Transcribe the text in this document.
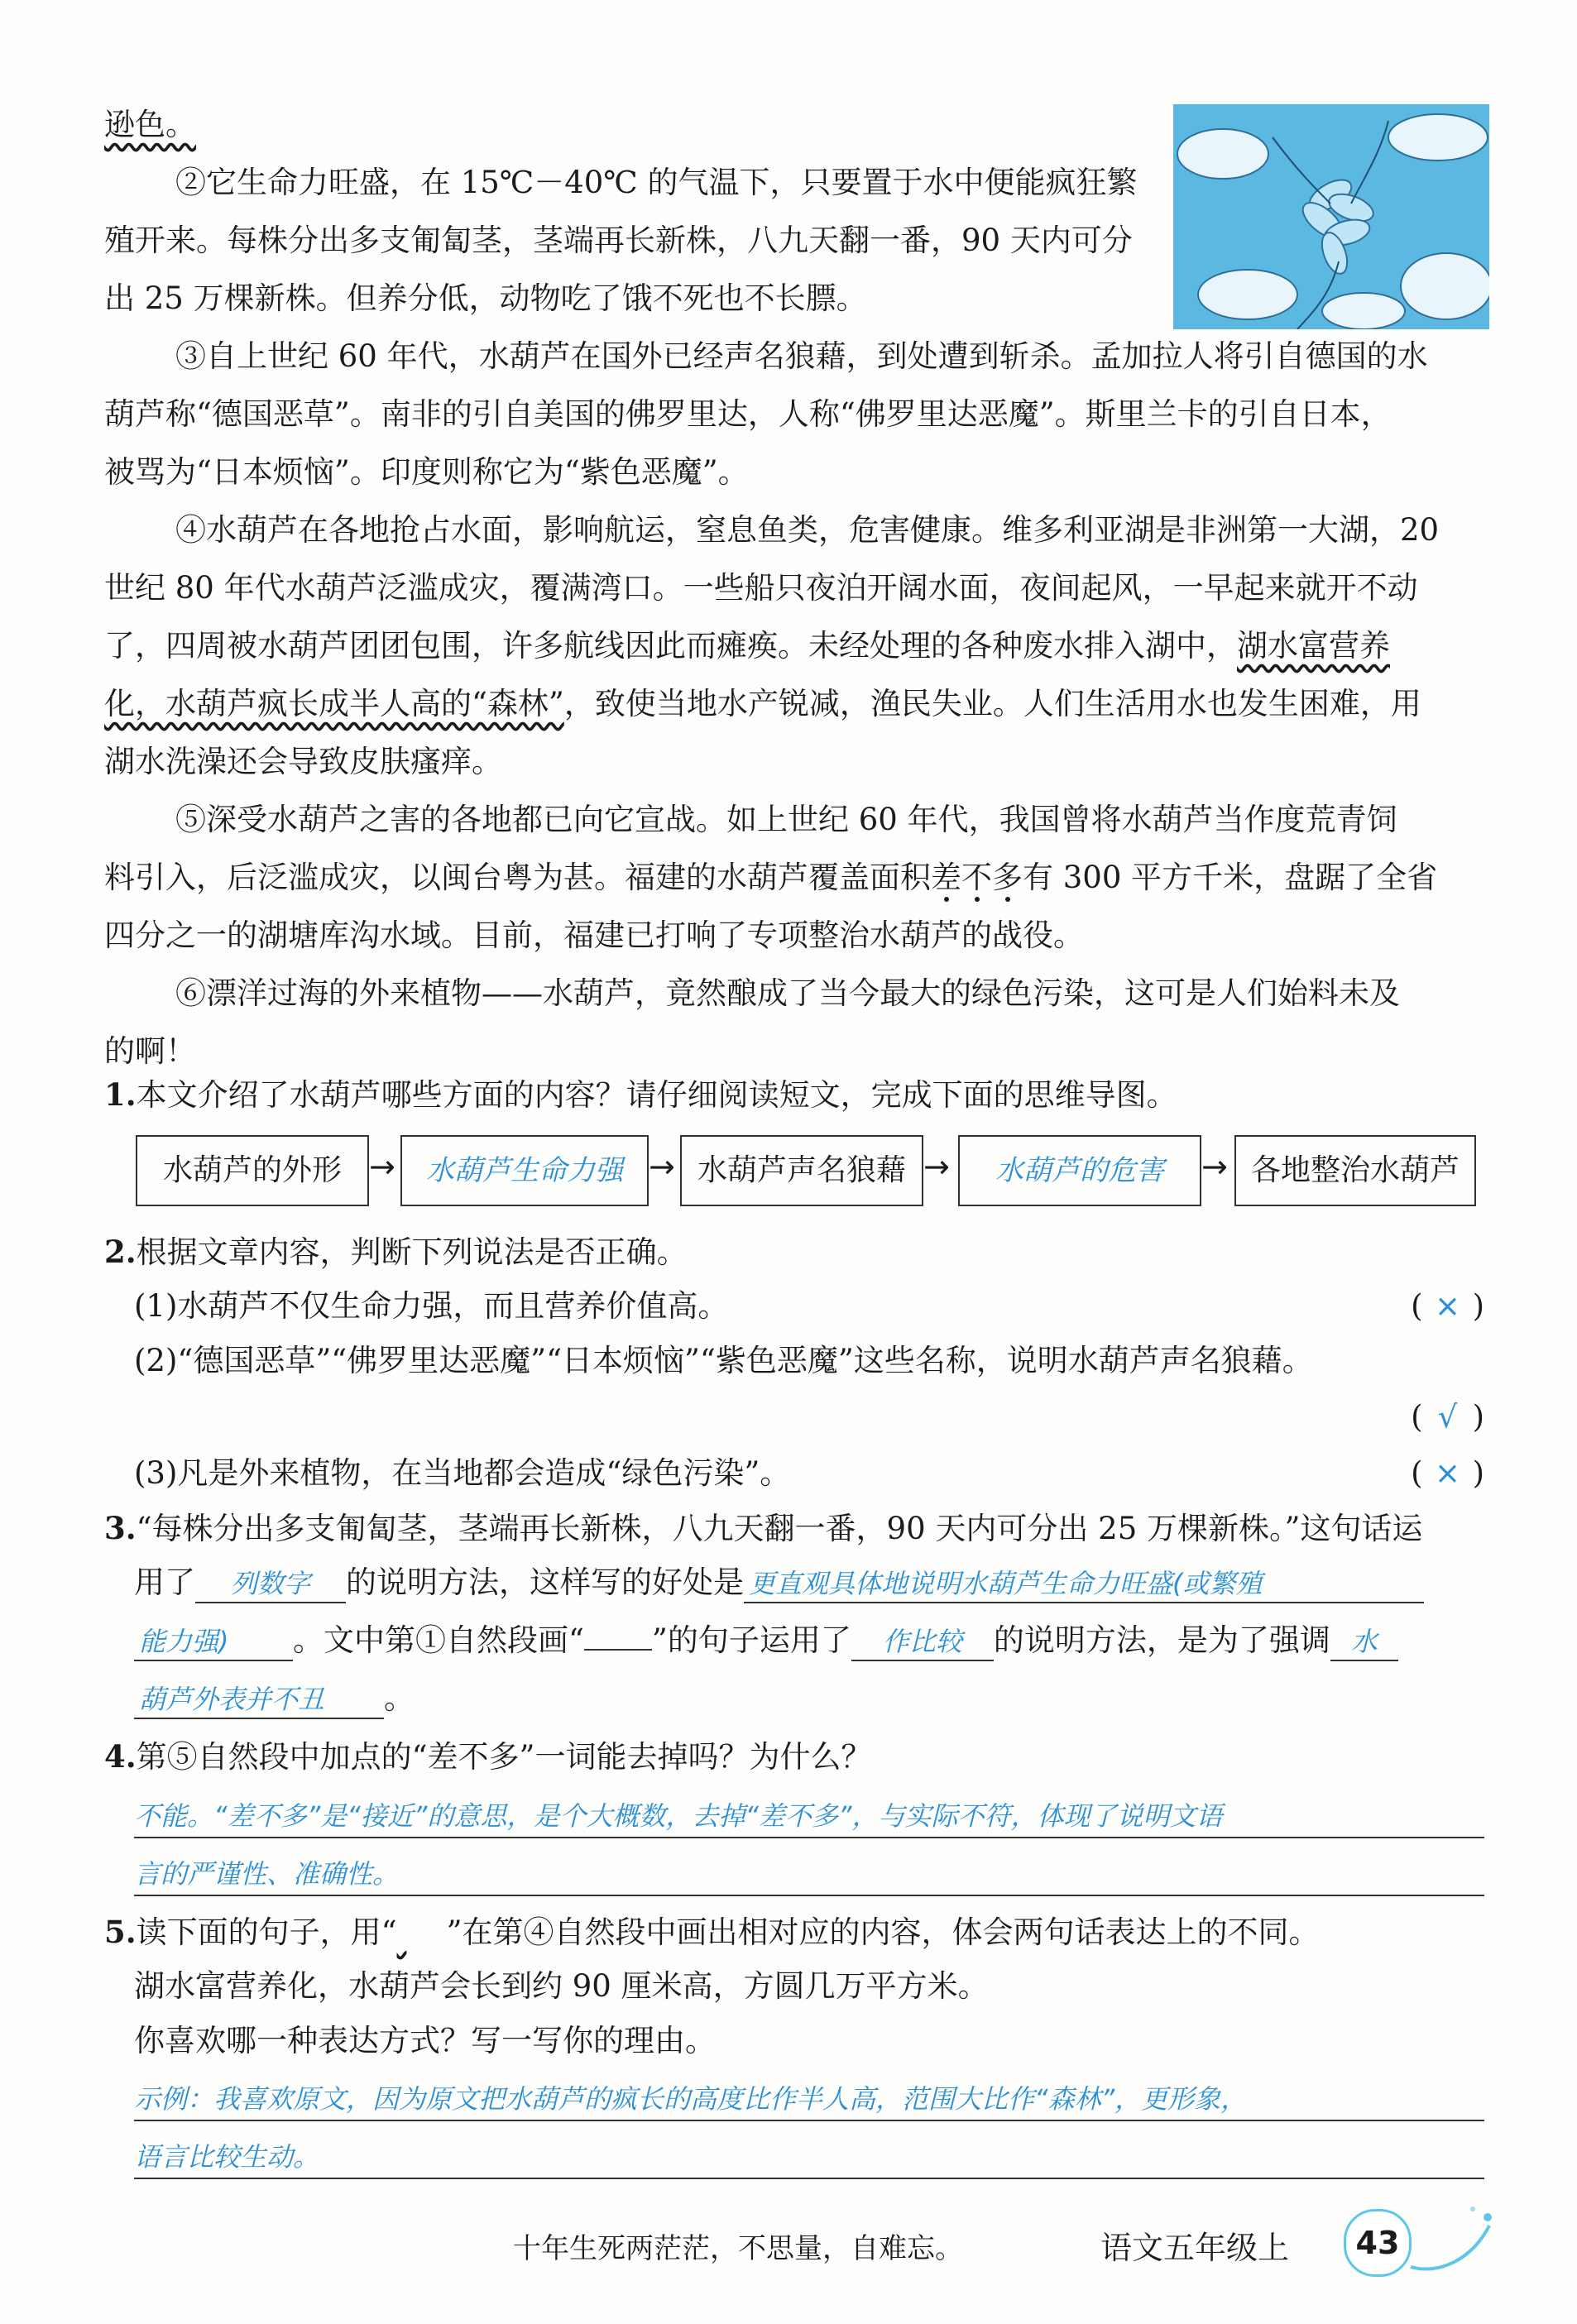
逊色。
②它生命力旺盛，在 15℃－40℃ 的气温下，只要置于水中便能疯狂繁
殖开来。每株分出多支匍匐茎，茎端再长新株，八九天翻一番，90 天内可分
出 25 万棵新株。但养分低，动物吃了饿不死也不长膘。
③自上世纪 60 年代，水葫芦在国外已经声名狼藉，到处遭到斩杀。孟加拉人将引自德国的水
葫芦称“德国恶草”。南非的引自美国的佛罗里达，人称“佛罗里达恶魔”。斯里兰卡的引自日本，
被骂为“日本烦恼”。印度则称它为“紫色恶魔”。
④水葫芦在各地抢占水面，影响航运，窒息鱼类，危害健康。维多利亚湖是非洲第一大湖，20
世纪 80 年代水葫芦泛滥成灾，覆满湾口。一些船只夜泊开阔水面，夜间起风，一早起来就开不动
了，四周被水葫芦团团包围，许多航线因此而瘫痪。未经处理的各种废水排入湖中，湖水富营养
化，水葫芦疯长成半人高的“森林”，致使当地水产锐减，渔民失业。人们生活用水也发生困难，用
湖水洗澡还会导致皮肤瘙痒。
⑤深受水葫芦之害的各地都已向它宣战。如上世纪 60 年代，我国曾将水葫芦当作度荒青饲
料引入，后泛滥成灾，以闽台粤为甚。福建的水葫芦覆盖面积差不多有 300 平方千米，盘踞了全省
四分之一的湖塘库沟水域。目前，福建已打响了专项整治水葫芦的战役。
⑥漂洋过海的外来植物——水葫芦，竟然酿成了当今最大的绿色污染，这可是人们始料未及
的啊！
1.本文介绍了水葫芦哪些方面的内容？请仔细阅读短文，完成下面的思维导图。
水葫芦的外形 →	水葫芦生命力强 → 水葫芦声名狼藉 →	水葫芦的危害	→ 各地整治水葫芦
2.根据文章内容，判断下列说法是否正确。
(1)水葫芦不仅生命力强，而且营养价值高。	( × )
(2)“德国恶草”“佛罗里达恶魔”“日本烦恼”“紫色恶魔”这些名称，说明水葫芦声名狼藉。
( √ )
(3)凡是外来植物，在当地都会造成“绿色污染”。	( × )
3.“每株分出多支匍匐茎，茎端再长新株，八九天翻一番，90 天内可分出 25 万棵新株。”这句话运
用了 列数字 的说明方法，这样写的好处是 更直观具体地说明水葫芦生命力旺盛(或繁殖
能力强) 。文中第①自然段画“ ”的句子运用了 作比较 的说明方法，是为了强调 水
葫芦外表并不丑 。
4.第⑤自然段中加点的“差不多”一词能去掉吗？为什么？
不能。“差不多”是“接近”的意思，是个大概数，去掉“差不多”，与实际不符，体现了说明文语
言的严谨性、准确性。
5.读下面的句子，用“ ”在第④自然段中画出相对应的内容，体会两句话表达上的不同。
湖水富营养化，水葫芦会长到约 90 厘米高，方圆几万平方米。
你喜欢哪一种表达方式？写一写你的理由。
示例：我喜欢原文，因为原文把水葫芦的疯长的高度比作半人高，范围大比作“森林”，更形象，
语言比较生动。
十年生死两茫茫，不思量，自难忘。	语文五年级上	43
